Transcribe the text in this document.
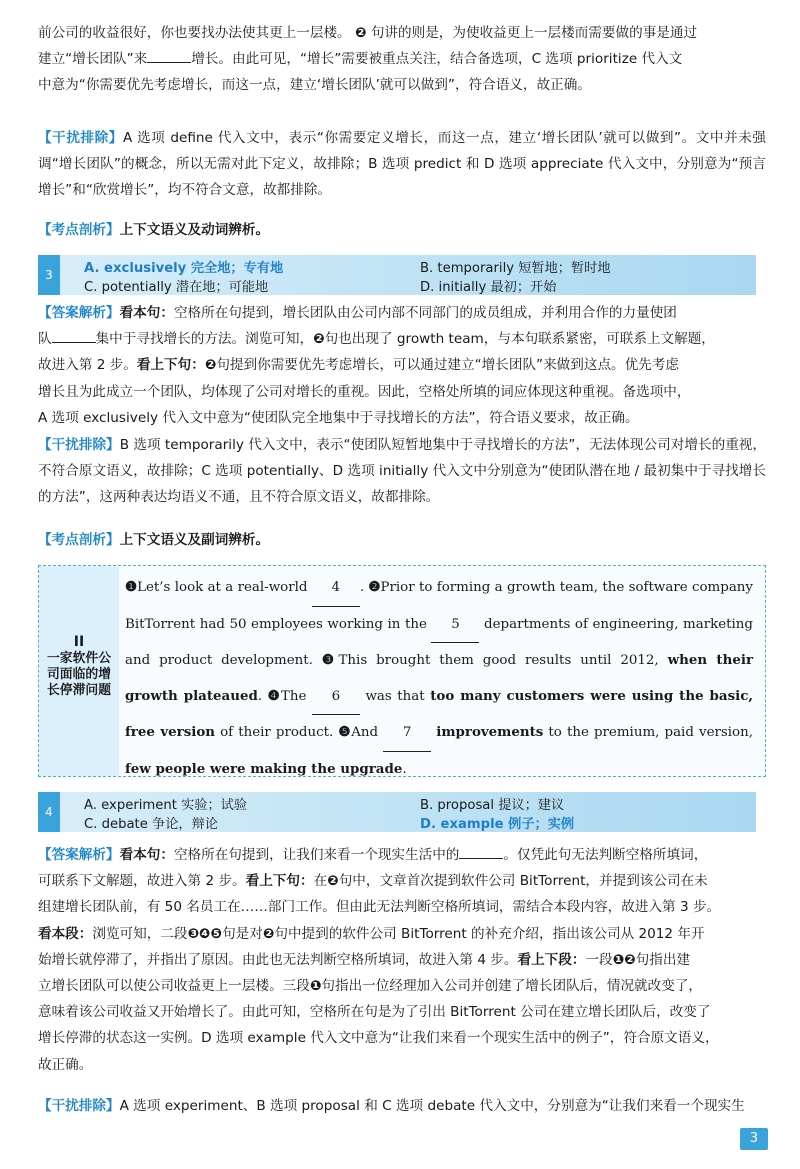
前公司的收益很好，你也要找办法使其更上一层楼。 ❷ 句讲的则是，为使收益更上一层楼而需要做的事是通过
建立“增长团队”来	增长。由此可见，“增长”需要被重点关注，结合备选项，C 选项 prioritize 代入文
中意为“你需要优先考虑增长，而这一点，建立‘增长团队’就可以做到”，符合语义，故正确。

【干扰排除】A 选项 define 代入文中，表示“你需要定义增长，而这一点，建立‘增长团队’就可以做到”。文中并未强调“增长团队”的概念，所以无需对此下定义，故排除；B 选项 predict 和 D 选项 appreciate 代入文中，分别意为“预言增长”和“欣赏增长”，均不符合文意，故都排除。

【考点剖析】上下文语义及动词辨析。

3	A. exclusively 完全地；专有地	B. temporarily 短暂地；暂时地
C. potentially 潜在地；可能地	D. initially 最初；开始

【答案解析】看本句：空格所在句提到，增长团队由公司内部不同部门的成员组成，并利用合作的力量使团
队	集中于寻找增长的方法。浏览可知，❷句也出现了 growth team，与本句联系紧密，可联系上文解题，
故进入第 2 步。看上下句：❷句提到你需要优先考虑增长，可以通过建立“增长团队”来做到这点。优先考虑
增长且为此成立一个团队，均体现了公司对增长的重视。因此，空格处所填的词应体现这种重视。备选项中，
A 选项 exclusively 代入文中意为“使团队完全地集中于寻找增长的方法”，符合语义要求，故正确。

【干扰排除】B 选项 temporarily 代入文中，表示“使团队短暂地集中于寻找增长的方法”，无法体现公司对增长的重视，不符合原文语义，故排除；C 选项 potentially、D 选项 initially 代入文中分别意为“使团队潜在地 / 最初集中于寻找增长的方法”，这两种表达均语义不通，且不符合原文语义，故都排除。

【考点剖析】上下文语义及副词辨析。

II
一家软件公司面临的增长停滞问题
❶Let’s look at a real-world 4 . ❷Prior to forming a growth team, the software company BitTorrent had 50 employees working in the 5 departments of engineering, marketing and product development. ❸This brought them good results until 2012, when their growth plateaued. ❹The 6 was that too many customers were using the basic, free version of their product. ❺And 7 improvements to the premium, paid version, few people were making the upgrade.
4	A. experiment 实验；试验	B. proposal 提议；建议
C. debate 争论，辩论	D. example 例子；实例

【答案解析】看本句：空格所在句提到，让我们来看一个现实生活中的	。仅凭此句无法判断空格所填词，
可联系下文解题，故进入第 2 步。看上下句：在❷句中，文章首次提到软件公司 BitTorrent，并提到该公司在未
组建增长团队前，有 50 名员工在……部门工作。但由此无法判断空格所填词，需结合本段内容，故进入第 3 步。
看本段：浏览可知，二段❸❹❺句是对❷句中提到的软件公司 BitTorrent 的补充介绍，指出该公司从 2012 年开
始增长就停滞了，并指出了原因。由此也无法判断空格所填词，故进入第 4 步。看上下段：一段❶❷句指出建
立增长团队可以使公司收益更上一层楼。三段❶句指出一位经理加入公司并创建了增长团队后，情况就改变了，
意味着该公司收益又开始增长了。由此可知，空格所在句是为了引出 BitTorrent 公司在建立增长团队后，改变了
增长停滞的状态这一实例。D 选项 example 代入文中意为“让我们来看一个现实生活中的例子”，符合原文语义，
故正确。

【干扰排除】A 选项 experiment、B 选项 proposal 和 C 选项 debate 代入文中，分别意为“让我们来看一个现实生

3
